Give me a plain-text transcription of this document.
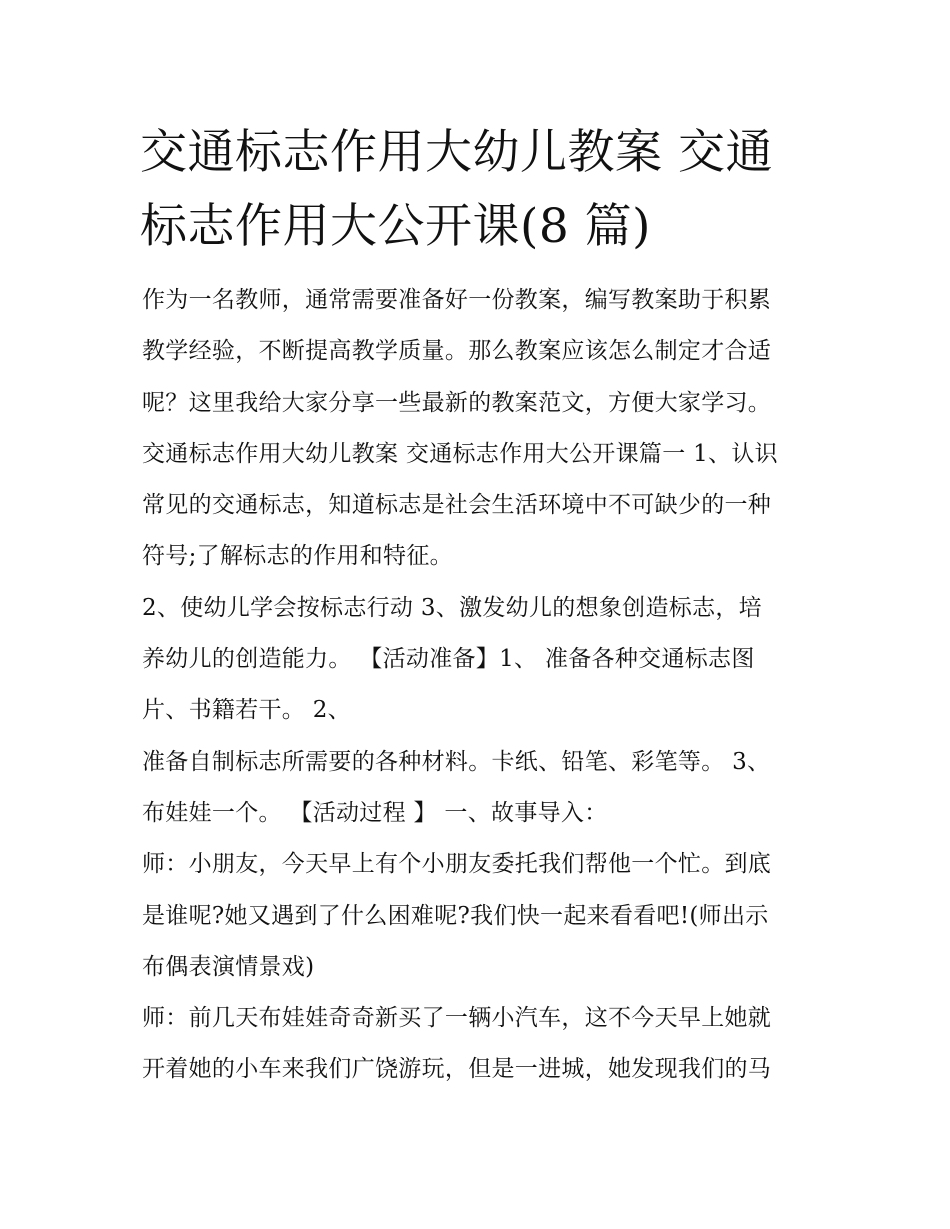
交通标志作用大幼儿教案 交通
标志作用大公开课(8 篇)
作为一名教师，通常需要准备好一份教案，编写教案助于积累
教学经验，不断提高教学质量。那么教案应该怎么制定才合适
呢？这里我给大家分享一些最新的教案范文，方便大家学习。
交通标志作用大幼儿教案 交通标志作用大公开课篇一 1、认识
常见的交通标志，知道标志是社会生活环境中不可缺少的一种
符号;了解标志的作用和特征。
2、使幼儿学会按标志行动 3、激发幼儿的想象创造标志，培
养幼儿的创造能力。 【活动准备】1、 准备各种交通标志图
片、书籍若干。 2、
准备自制标志所需要的各种材料。卡纸、铅笔、彩笔等。 3、
布娃娃一个。 【活动过程 】 一、故事导入：
师：小朋友，今天早上有个小朋友委托我们帮他一个忙。到底
是谁呢?她又遇到了什么困难呢?我们快一起来看看吧!(师出示
布偶表演情景戏)
师：前几天布娃娃奇奇新买了一辆小汽车，这不今天早上她就
开着她的小车来我们广饶游玩，但是一进城，她发现我们的马
